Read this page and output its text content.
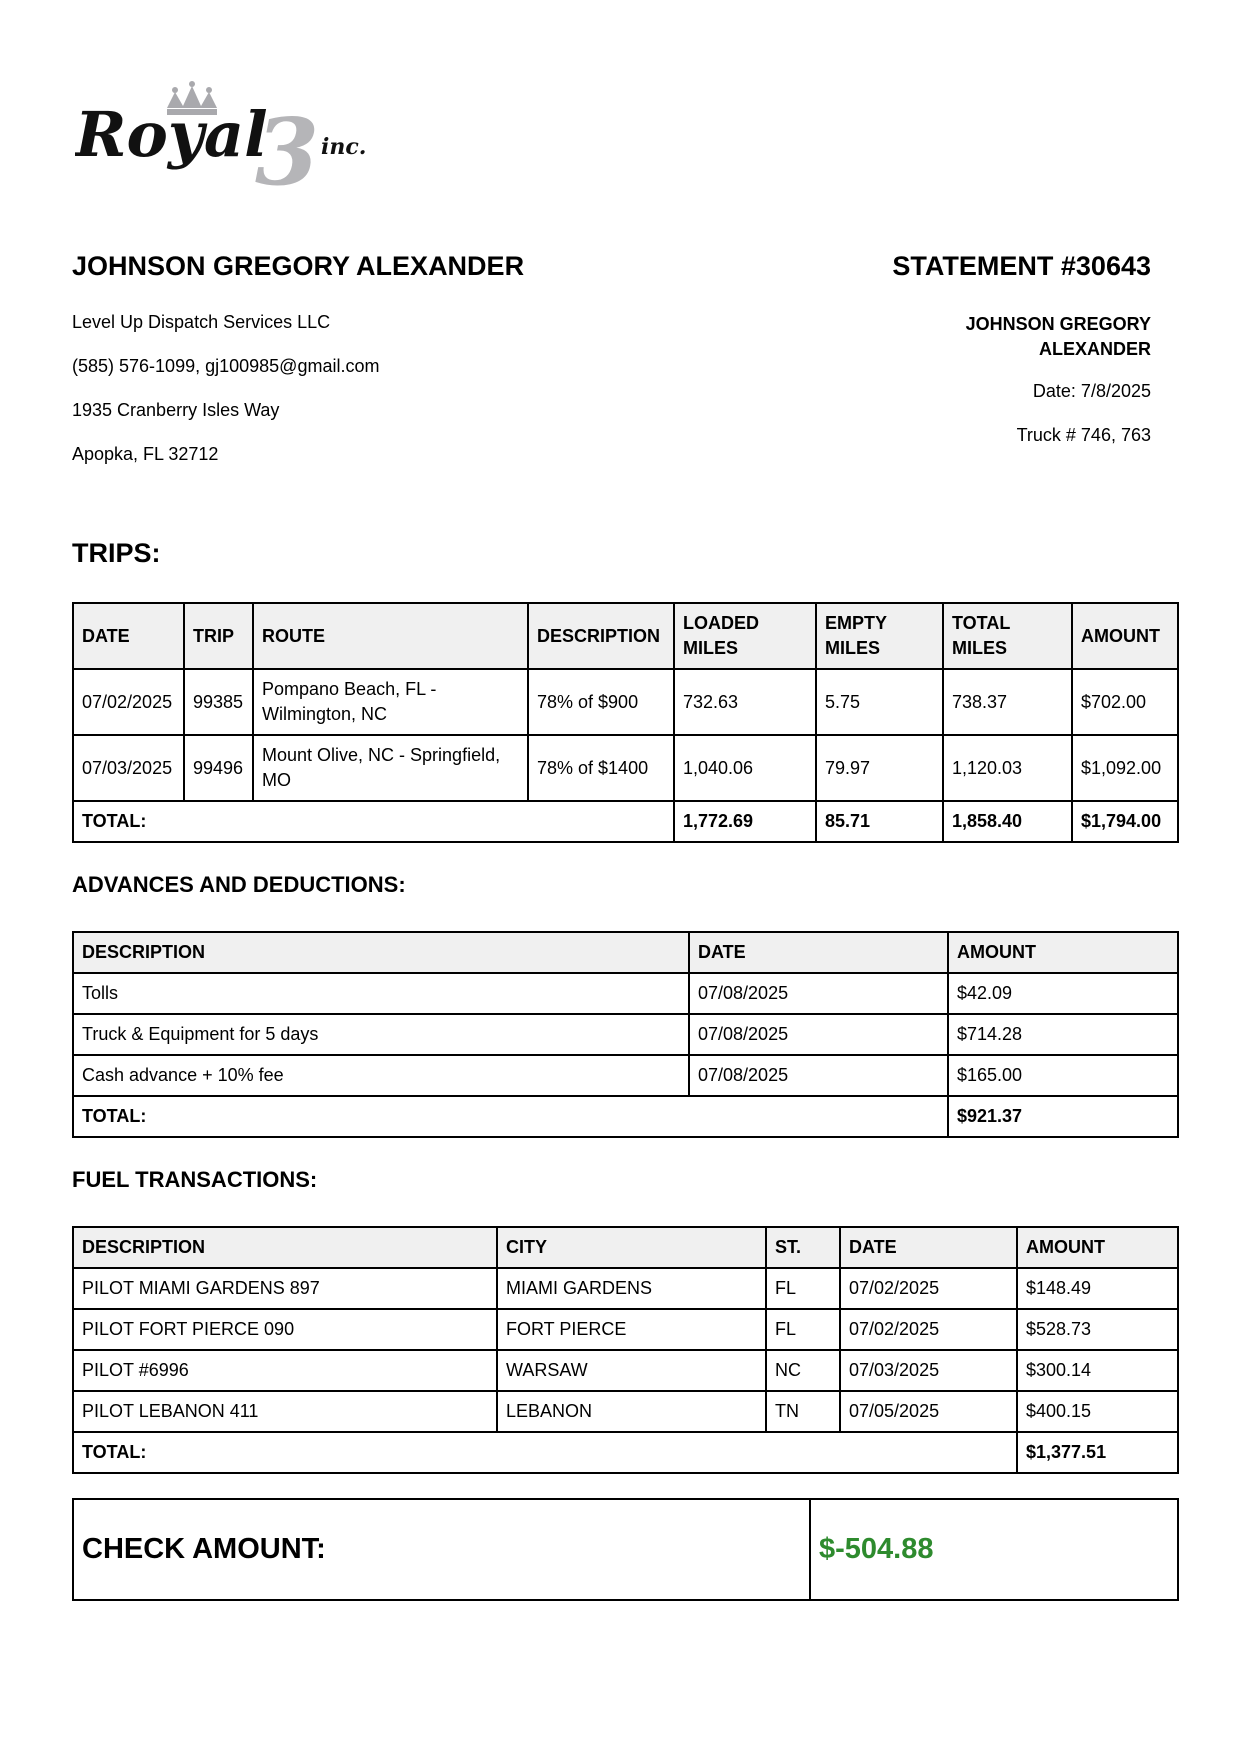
3
Royal inc.
JOHNSON GREGORY ALEXANDER	STATEMENT #30643
Level Up Dispatch Services LLC
(585) 576-1099, gj100985@gmail.com
1935 Cranberry Isles Way
Apopka, FL 32712
JOHNSON GREGORY
ALEXANDER
Date: 7/8/2025
Truck # 746, 763
TRIPS:
DATE	TRIP	ROUTE	DESCRIPTION	LOADED MILES	EMPTY MILES	TOTAL MILES	AMOUNT
07/02/2025	99385	Pompano Beach, FL - Wilmington, NC	78% of $900	732.63	5.75	738.37	$702.00
07/03/2025	99496	Mount Olive, NC - Springfield, MO	78% of $1400	1,040.06	79.97	1,120.03	$1,092.00
TOTAL:				1,772.69	85.71	1,858.40	$1,794.00
ADVANCES AND DEDUCTIONS:
DESCRIPTION	DATE	AMOUNT
Tolls	07/08/2025	$42.09
Truck & Equipment for 5 days	07/08/2025	$714.28
Cash advance + 10% fee	07/08/2025	$165.00
TOTAL:		$921.37
FUEL TRANSACTIONS:
DESCRIPTION	CITY	ST.	DATE	AMOUNT
PILOT MIAMI GARDENS 897	MIAMI GARDENS	FL	07/02/2025	$148.49
PILOT FORT PIERCE 090	FORT PIERCE	FL	07/02/2025	$528.73
PILOT #6996	WARSAW	NC	07/03/2025	$300.14
PILOT LEBANON 411	LEBANON	TN	07/05/2025	$400.15
TOTAL:				$1,377.51
CHECK AMOUNT:	$-504.88
